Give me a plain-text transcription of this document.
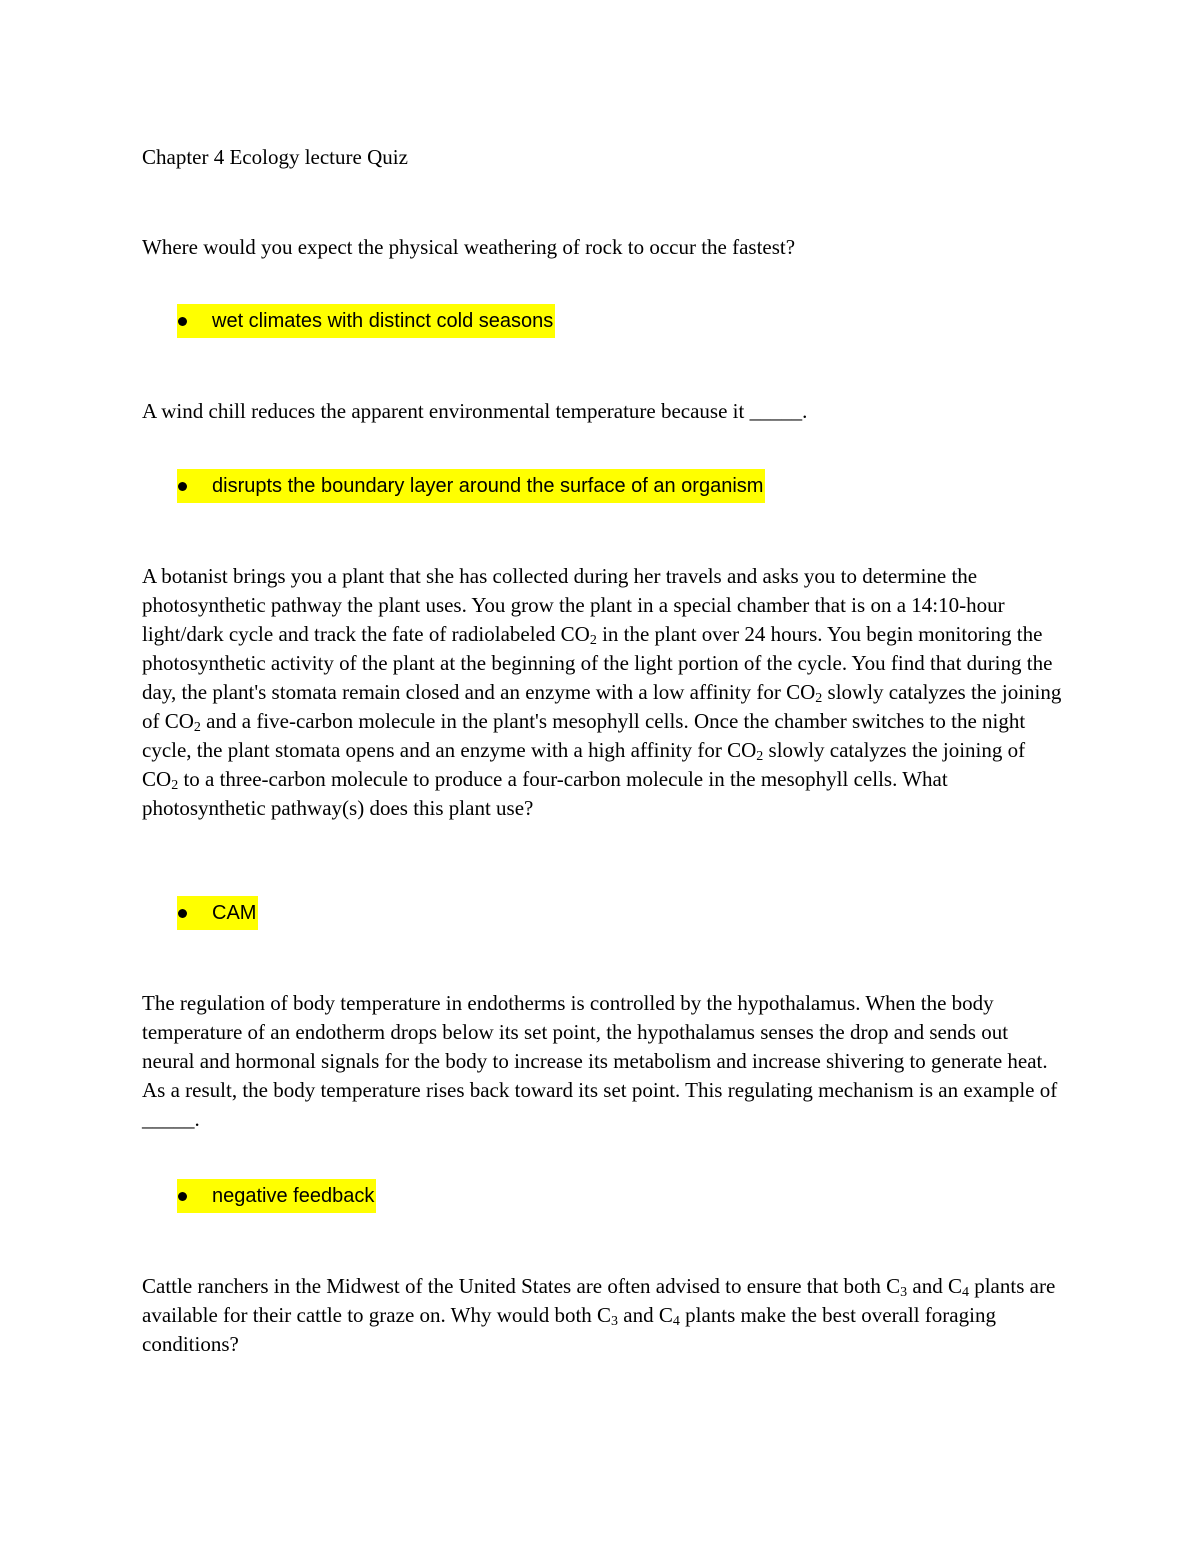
Chapter 4 Ecology lecture Quiz

Where would you expect the physical weathering of rock to occur the fastest?

wet climates with distinct cold seasons

A wind chill reduces the apparent environmental temperature because it _____.

disrupts the boundary layer around the surface of an organism

A botanist brings you a plant that she has collected during her travels and asks you to determine the photosynthetic pathway the plant uses. You grow the plant in a special chamber that is on a 14:10-hour light/dark cycle and track the fate of radiolabeled $CO_2$ in the plant over 24 hours. You begin monitoring the photosynthetic activity of the plant at the beginning of the light portion of the cycle. You find that during the day, the plant's stomata remain closed and an enzyme with a low affinity for $CO_2$ slowly catalyzes the joining of $CO_2$ and a five-carbon molecule in the plant's mesophyll cells. Once the chamber switches to the night cycle, the plant stomata opens and an enzyme with a high affinity for $CO_2$ slowly catalyzes the joining of $CO_2$ to a three-carbon molecule to produce a four-carbon molecule in the mesophyll cells. What photosynthetic pathway(s) does this plant use?

CAM

The regulation of body temperature in endotherms is controlled by the hypothalamus. When the body temperature of an endotherm drops below its set point, the hypothalamus senses the drop and sends out neural and hormonal signals for the body to increase its metabolism and increase shivering to generate heat. As a result, the body temperature rises back toward its set point. This regulating mechanism is an example of _____.

negative feedback

Cattle ranchers in the Midwest of the United States are often advised to ensure that both $C_3$ and $C_4$ plants are available for their cattle to graze on. Why would both $C_3$ and $C_4$ plants make the best overall foraging conditions?
